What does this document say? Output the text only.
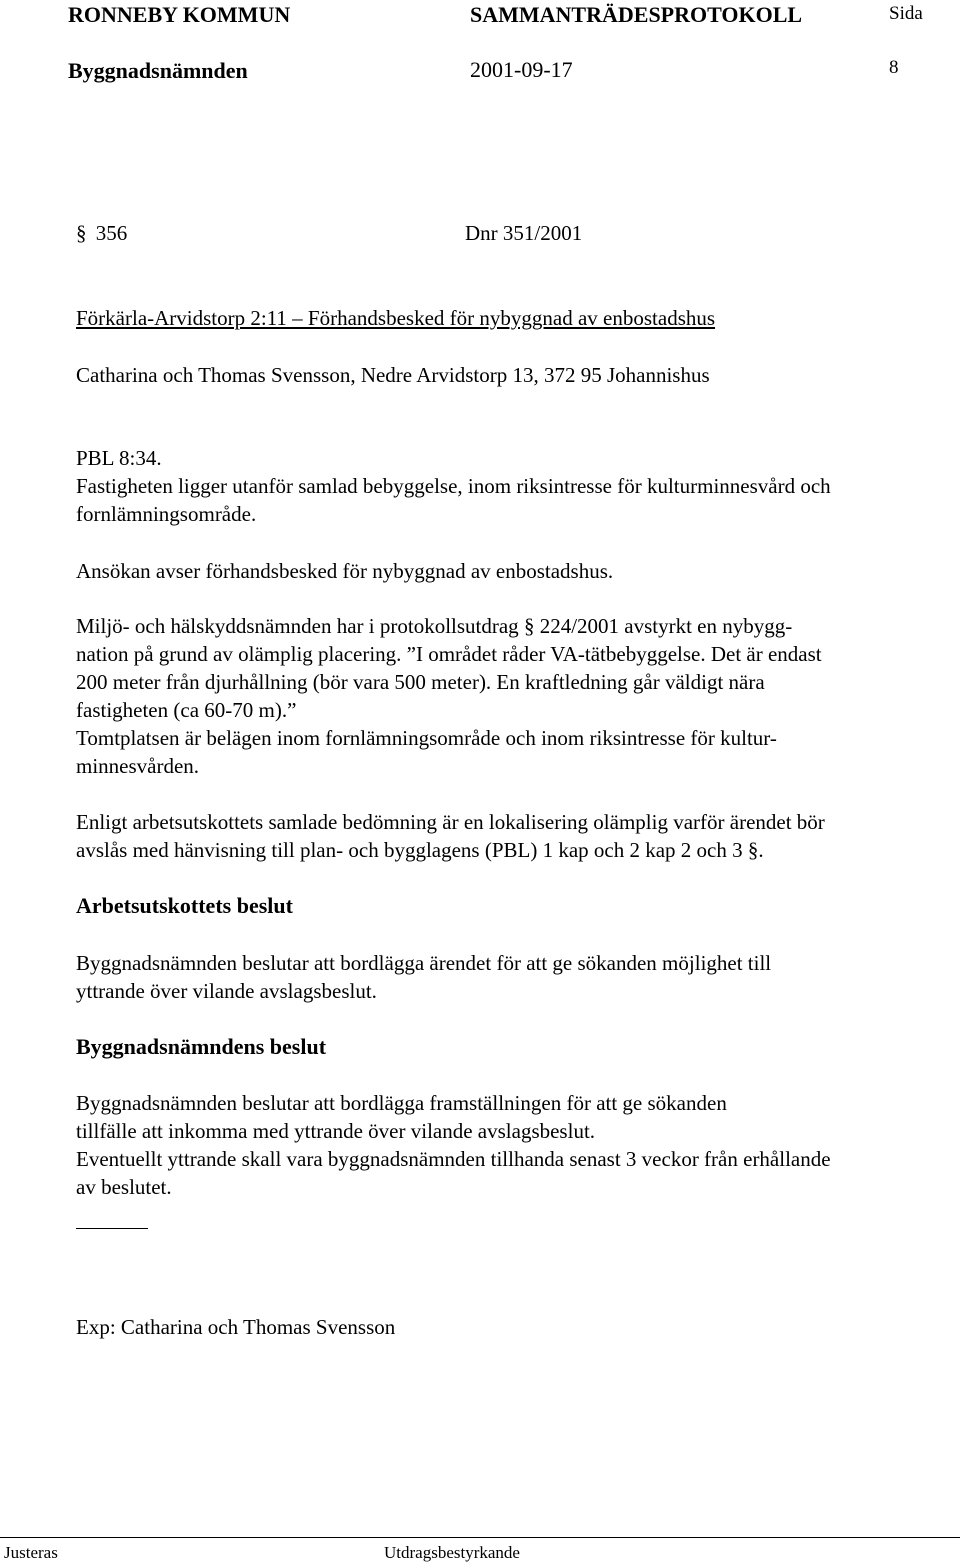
RONNEBY KOMMUN	SAMMANTRÄDESPROTOKOLL	Sida
Byggnadsnämnden	2001-09-17	8
§ 356	Dnr 351/2001
Förkärla-Arvidstorp 2:11 – Förhandsbesked för nybyggnad av enbostadshus
Catharina och Thomas Svensson, Nedre Arvidstorp 13, 372 95 Johannishus
PBL 8:34.
Fastigheten ligger utanför samlad bebyggelse, inom riksintresse för kulturminnesvård och
fornlämningsområde.
Ansökan avser förhandsbesked för nybyggnad av enbostadshus.
Miljö- och hälskyddsnämnden har i protokollsutdrag § 224/2001 avstyrkt en nybygg-
nation på grund av olämplig placering. ”I området råder VA-tätbebyggelse. Det är endast
200 meter från djurhållning (bör vara 500 meter). En kraftledning går väldigt nära
fastigheten (ca 60-70 m).”
Tomtplatsen är belägen inom fornlämningsområde och inom riksintresse för kultur-
minnesvården.
Enligt arbetsutskottets samlade bedömning är en lokalisering olämplig varför ärendet bör
avslås med hänvisning till plan- och bygglagens (PBL) 1 kap och 2 kap 2 och 3 §.
Arbetsutskottets beslut
Byggnadsnämnden beslutar att bordlägga ärendet för att ge sökanden möjlighet till
yttrande över vilande avslagsbeslut.
Byggnadsnämndens beslut
Byggnadsnämnden beslutar att bordlägga framställningen för att ge sökanden
tillfälle att inkomma med yttrande över vilande avslagsbeslut.
Eventuellt yttrande skall vara byggnadsnämnden tillhanda senast 3 veckor från erhållande
av beslutet.
Exp: Catharina och Thomas Svensson
Justeras	Utdragsbestyrkande
